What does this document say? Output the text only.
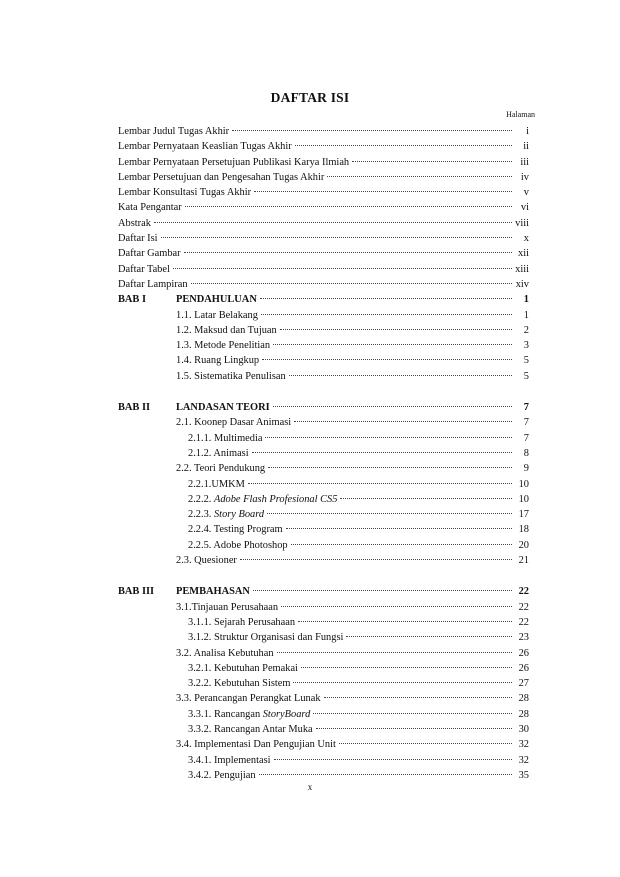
DAFTAR ISI
Halaman
Lembar Judul Tugas Akhir	i
Lembar Pernyataan Keaslian Tugas Akhir	ii
Lembar Pernyataan Persetujuan Publikasi Karya Ilmiah	iii
Lembar Persetujuan dan Pengesahan Tugas Akhir	iv
Lembar Konsultasi Tugas Akhir	v
Kata Pengantar	vi
Abstrak	viii
Daftar Isi	x
Daftar Gambar	xii
Daftar Tabel	xiii
Daftar Lampiran	xiv
BAB I	PENDAHULUAN	1
1.1. Latar Belakang	1
1.2. Maksud dan Tujuan	2
1.3. Metode Penelitian	3
1.4. Ruang Lingkup	5
1.5. Sistematika Penulisan	5
BAB II	LANDASAN TEORI	7
2.1. Koonep Dasar Animasi	7
2.1.1. Multimedia	7
2.1.2. Animasi	8
2.2. Teori Pendukung	9
2.2.1.UMKM	10
2.2.2. Adobe Flash Profesional CS5	10
2.2.3. Story Board	17
2.2.4. Testing Program	18
2.2.5. Adobe Photoshop	20
2.3. Quesioner	21
BAB III	PEMBAHASAN	22
3.1.Tinjauan Perusahaan	22
3.1.1. Sejarah Perusahaan	22
3.1.2. Struktur Organisasi dan Fungsi	23
3.2. Analisa Kebutuhan	26
3.2.1. Kebutuhan Pemakai	26
3.2.2. Kebutuhan Sistem	27
3.3. Perancangan Perangkat Lunak	28
3.3.1. Rancangan StoryBoard	28
3.3.2. Rancangan Antar Muka	30
3.4. Implementasi Dan Pengujian Unit	32
3.4.1. Implementasi	32
3.4.2. Pengujian	35
x
